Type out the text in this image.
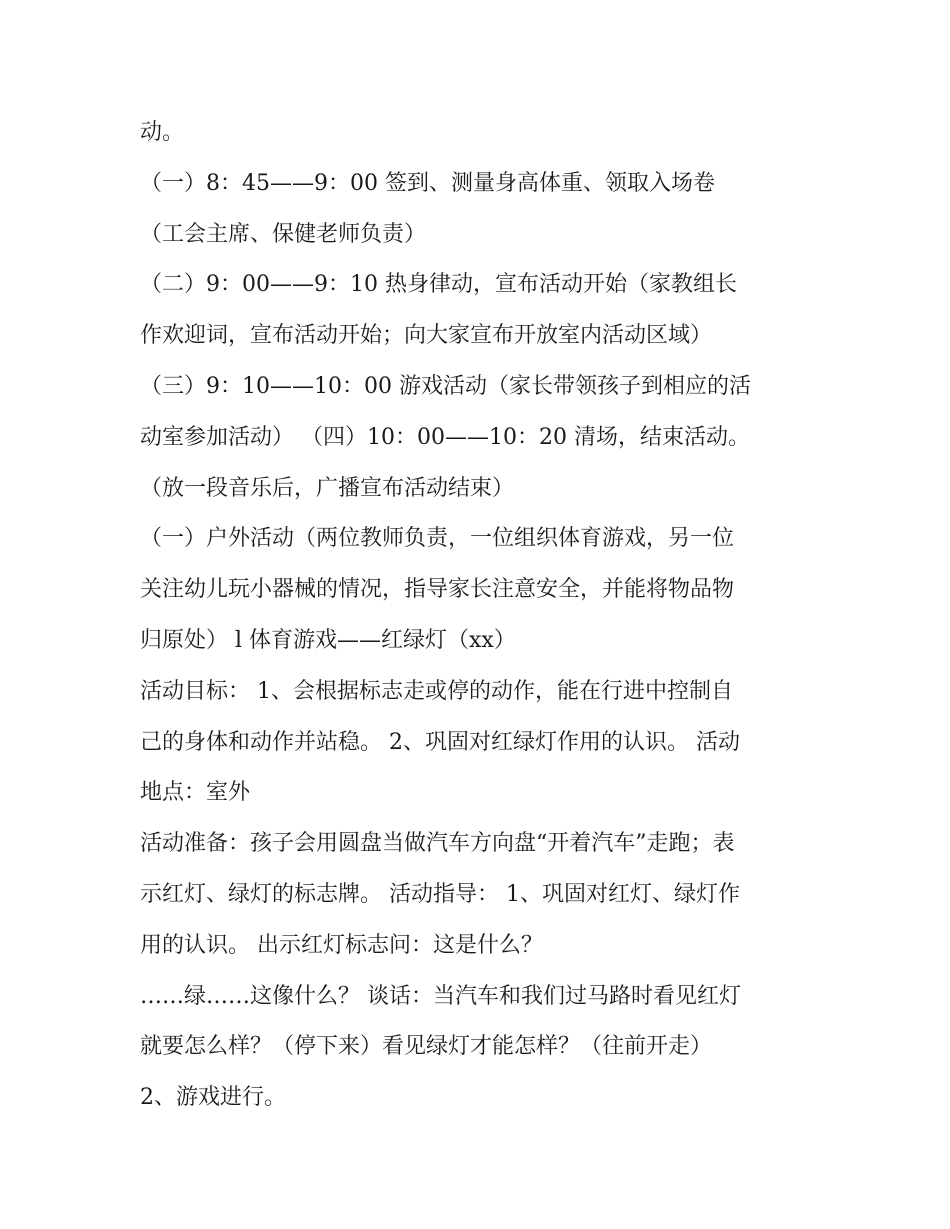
动。
（一）8：45——9：00 签到、测量身高体重、领取入场卷
（工会主席、保健老师负责）
（二）9：00——9：10 热身律动，宣布活动开始（家教组长
作欢迎词，宣布活动开始；向大家宣布开放室内活动区域）
（三）9：10——10：00 游戏活动（家长带领孩子到相应的活
动室参加活动） （四）10：00——10：20 清场，结束活动。
（放一段音乐后，广播宣布活动结束）
（一）户外活动（两位教师负责，一位组织体育游戏，另一位
关注幼儿玩小器械的情况，指导家长注意安全，并能将物品物
归原处） l 体育游戏——红绿灯（xx）
活动目标： 1、会根据标志走或停的动作，能在行进中控制自
己的身体和动作并站稳。 2、巩固对红绿灯作用的认识。 活动
地点：室外
活动准备：孩子会用圆盘当做汽车方向盘“开着汽车”走跑；表
示红灯、绿灯的标志牌。 活动指导： 1、巩固对红灯、绿灯作
用的认识。 出示红灯标志问：这是什么？
……绿……这像什么？ 谈话：当汽车和我们过马路时看见红灯
就要怎么样？（停下来）看见绿灯才能怎样？（往前开走）
2、游戏进行。
